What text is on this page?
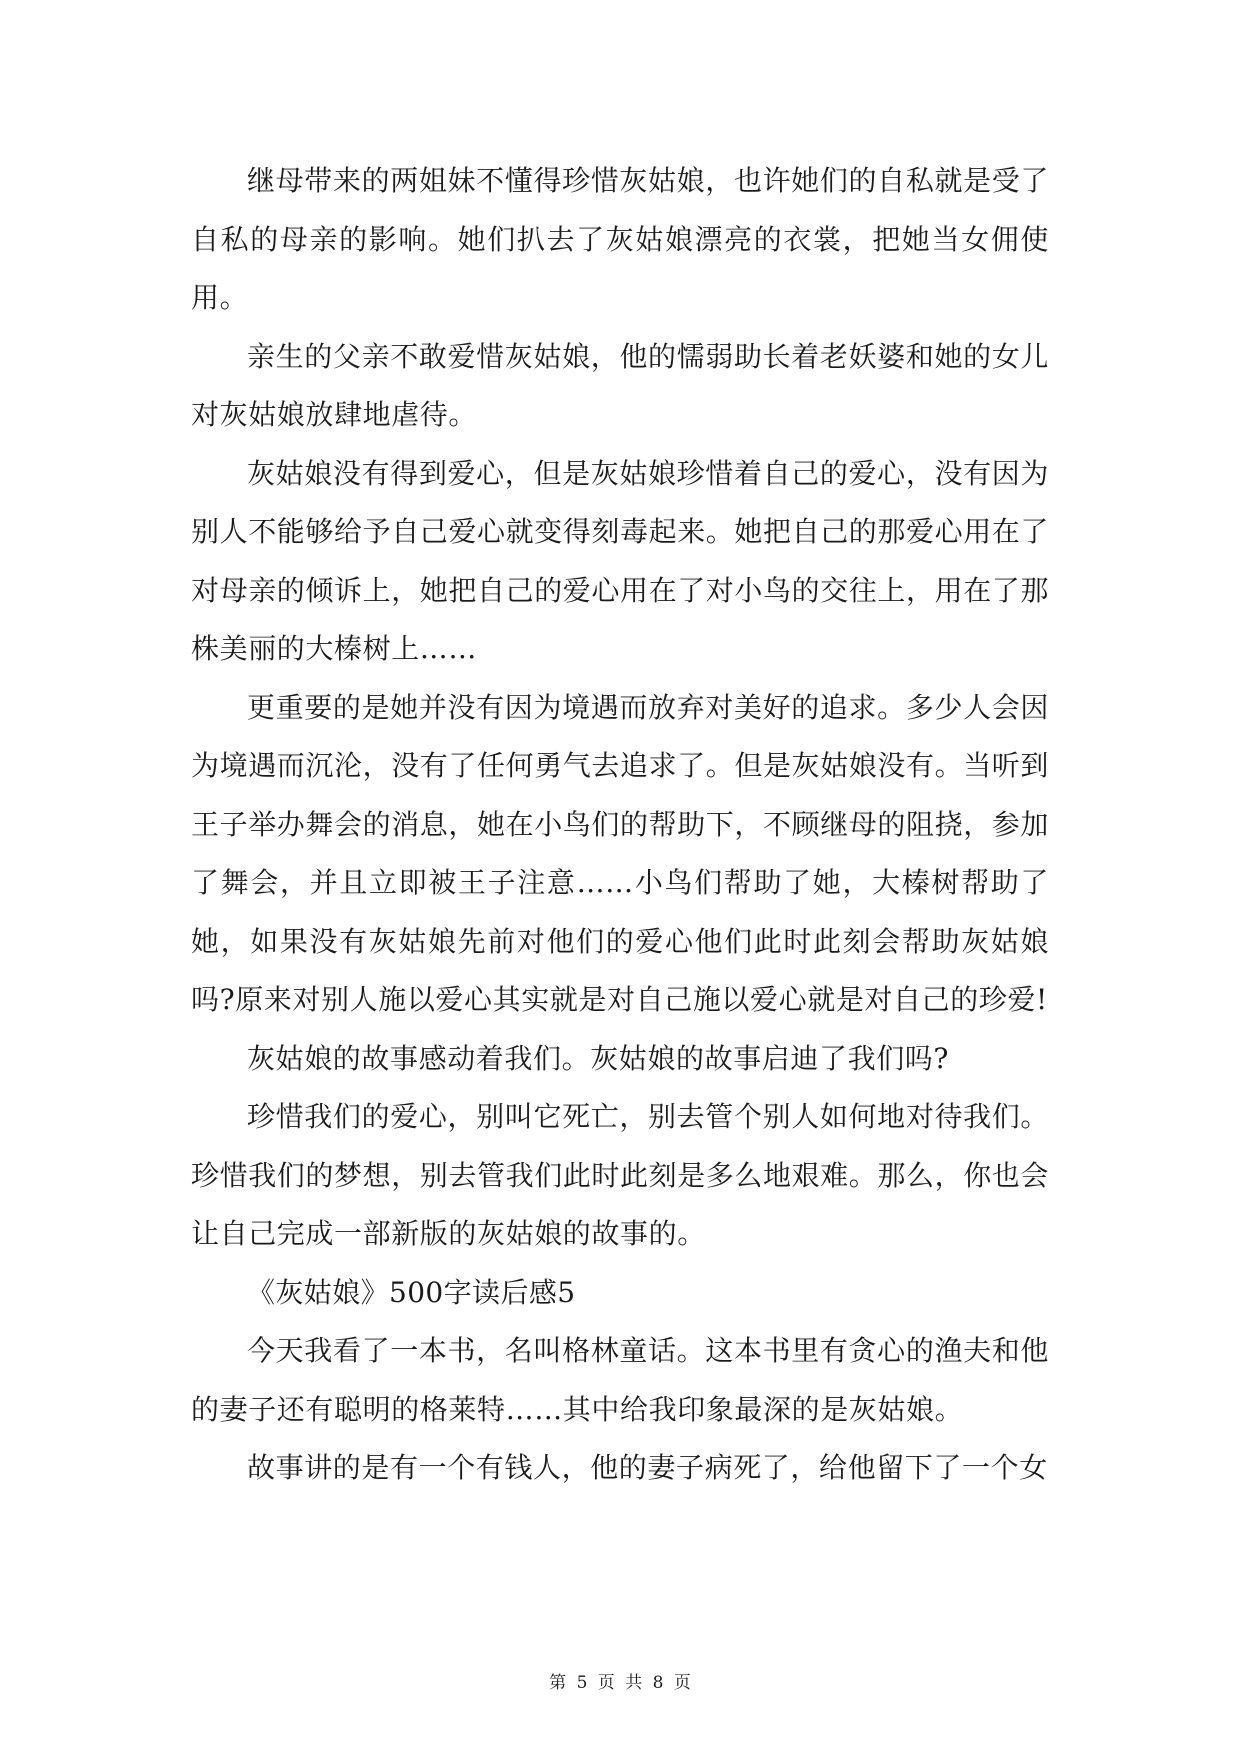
继母带来的两姐妹不懂得珍惜灰姑娘，也许她们的自私就是受了自私的母亲的影响。她们扒去了灰姑娘漂亮的衣裳，把她当女佣使用。

亲生的父亲不敢爱惜灰姑娘，他的懦弱助长着老妖婆和她的女儿对灰姑娘放肆地虐待。

灰姑娘没有得到爱心，但是灰姑娘珍惜着自己的爱心，没有因为别人不能够给予自己爱心就变得刻毒起来。她把自己的那爱心用在了对母亲的倾诉上，她把自己的爱心用在了对小鸟的交往上，用在了那株美丽的大榛树上……

更重要的是她并没有因为境遇而放弃对美好的追求。多少人会因为境遇而沉沦，没有了任何勇气去追求了。但是灰姑娘没有。当听到王子举办舞会的消息，她在小鸟们的帮助下，不顾继母的阻挠，参加了舞会，并且立即被王子注意……小鸟们帮助了她，大榛树帮助了她，如果没有灰姑娘先前对他们的爱心他们此时此刻会帮助灰姑娘吗?原来对别人施以爱心其实就是对自己施以爱心就是对自己的珍爱!

灰姑娘的故事感动着我们。灰姑娘的故事启迪了我们吗?

珍惜我们的爱心，别叫它死亡，别去管个别人如何地对待我们。珍惜我们的梦想，别去管我们此时此刻是多么地艰难。那么，你也会让自己完成一部新版的灰姑娘的故事的。

《灰姑娘》500字读后感5

今天我看了一本书，名叫格林童话。这本书里有贪心的渔夫和他的妻子还有聪明的格莱特……其中给我印象最深的是灰姑娘。

故事讲的是有一个有钱人，他的妻子病死了，给他留下了一个女

第 5 页 共 8 页
